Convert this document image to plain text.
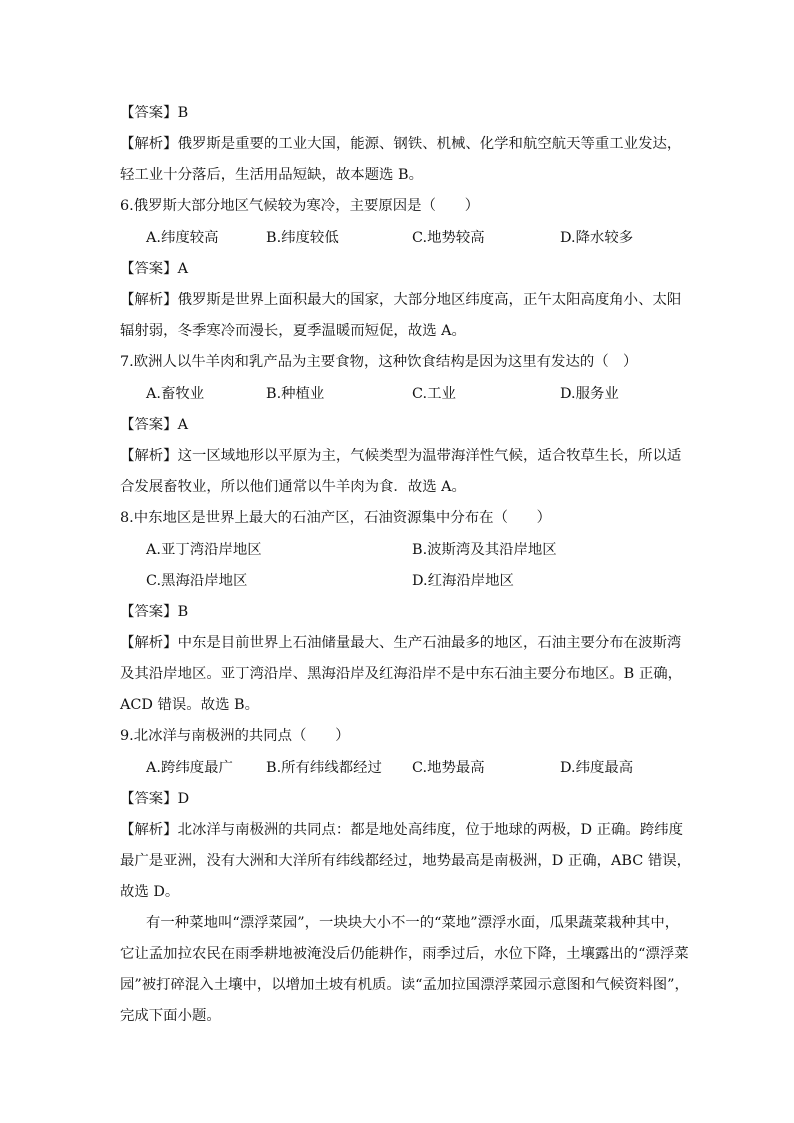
【答案】B
【解析】俄罗斯是重要的工业大国，能源、钢铁、机械、化学和航空航天等重工业发达，
轻工业十分落后，生活用品短缺，故本题选 B。
6.俄罗斯大部分地区气候较为寒冷，主要原因是（　　）
A.纬度较高	B.纬度较低	C.地势较高	D.降水较多
【答案】A
【解析】俄罗斯是世界上面积最大的国家，大部分地区纬度高，正午太阳高度角小、太阳
辐射弱，冬季寒冷而漫长，夏季温暖而短促，故选 A。
7.欧洲人以牛羊肉和乳产品为主要食物，这种饮食结构是因为这里有发达的（　）
A.畜牧业	B.种植业	C.工业	D.服务业
【答案】A
【解析】这一区域地形以平原为主，气候类型为温带海洋性气候，适合牧草生长，所以适
合发展畜牧业，所以他们通常以牛羊肉为食．故选 A。
8.中东地区是世界上最大的石油产区，石油资源集中分布在（　　）
A.亚丁湾沿岸地区	B.波斯湾及其沿岸地区
C.黑海沿岸地区	D.红海沿岸地区
【答案】B
【解析】中东是目前世界上石油储量最大、生产石油最多的地区，石油主要分布在波斯湾
及其沿岸地区。亚丁湾沿岸、黑海沿岸及红海沿岸不是中东石油主要分布地区。B 正确，
ACD 错误。故选 B。
9.北冰洋与南极洲的共同点（　　）
A.跨纬度最广 B.所有纬线都经过 C.地势最高	D.纬度最高
【答案】D
【解析】北冰洋与南极洲的共同点：都是地处高纬度，位于地球的两极，D 正确。跨纬度
最广是亚洲，没有大洲和大洋所有纬线都经过，地势最高是南极洲，D 正确，ABC 错误，
故选 D。
有一种菜地叫“漂浮菜园”，一块块大小不一的“菜地”漂浮水面，瓜果蔬菜栽种其中，
它让孟加拉农民在雨季耕地被淹没后仍能耕作，雨季过后，水位下降，土壤露出的“漂浮菜
园”被打碎混入土壤中，以增加土坡有机质。读“孟加拉国漂浮菜园示意图和气候资料图”，
完成下面小题。
